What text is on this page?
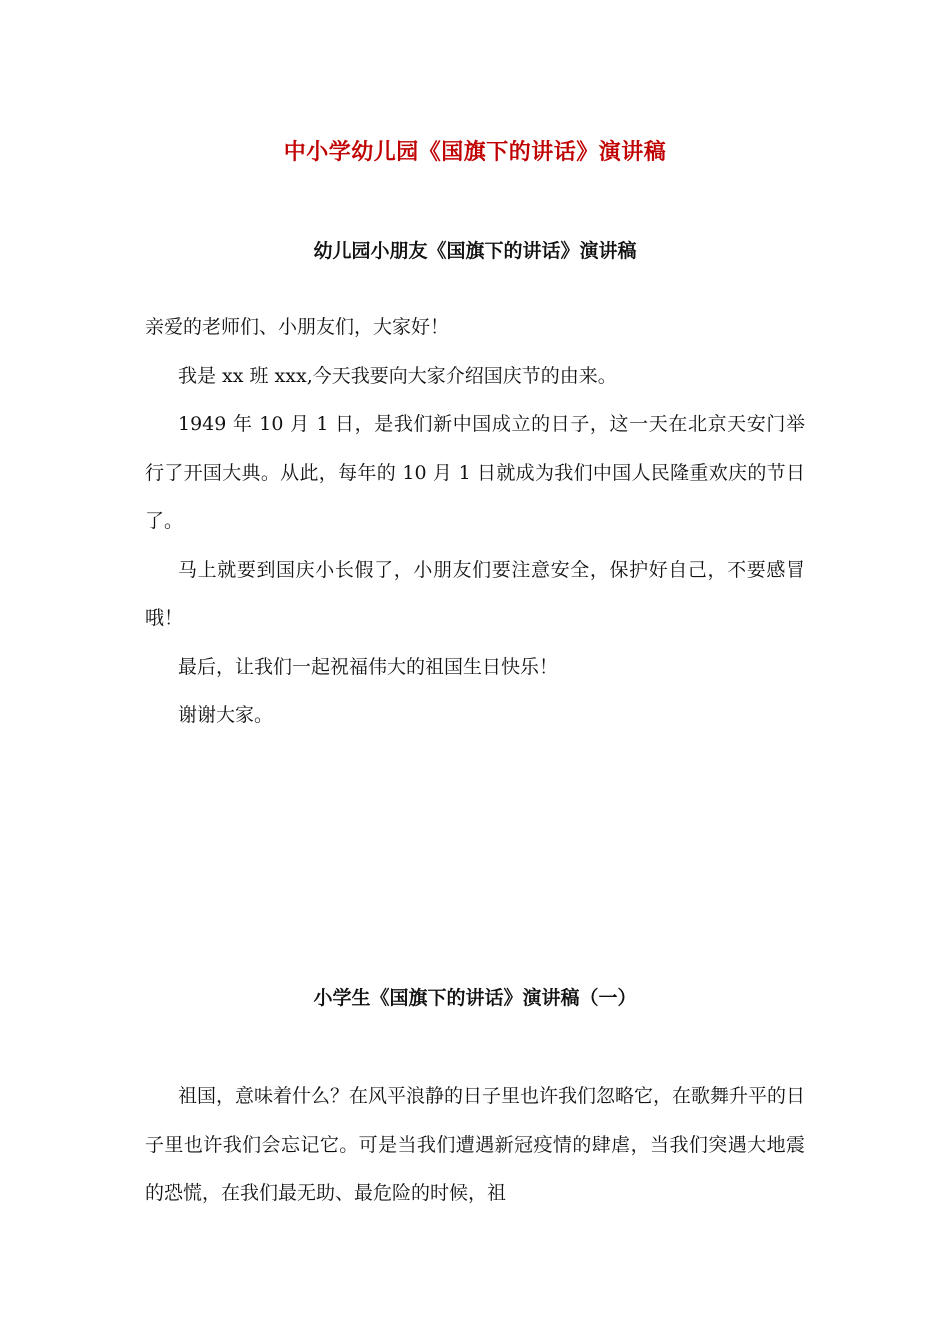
中小学幼儿园《国旗下的讲话》演讲稿
幼儿园小朋友《国旗下的讲话》演讲稿

亲爱的老师们、小朋友们，大家好！

我是 xx 班 xxx,今天我要向大家介绍国庆节的由来。

1949 年 10 月 1 日，是我们新中国成立的日子，这一天在北京天安门举行了开国大典。从此，每年的 10 月 1 日就成为我们中国人民隆重欢庆的节日了。

马上就要到国庆小长假了，小朋友们要注意安全，保护好自己，不要感冒哦！

最后，让我们一起祝福伟大的祖国生日快乐！

谢谢大家。

小学生《国旗下的讲话》演讲稿（一）

祖国，意味着什么？在风平浪静的日子里也许我们忽略它，在歌舞升平的日子里也许我们会忘记它。可是当我们遭遇新冠疫情的肆虐，当我们突遇大地震的恐慌，在我们最无助、最危险的时候，祖
